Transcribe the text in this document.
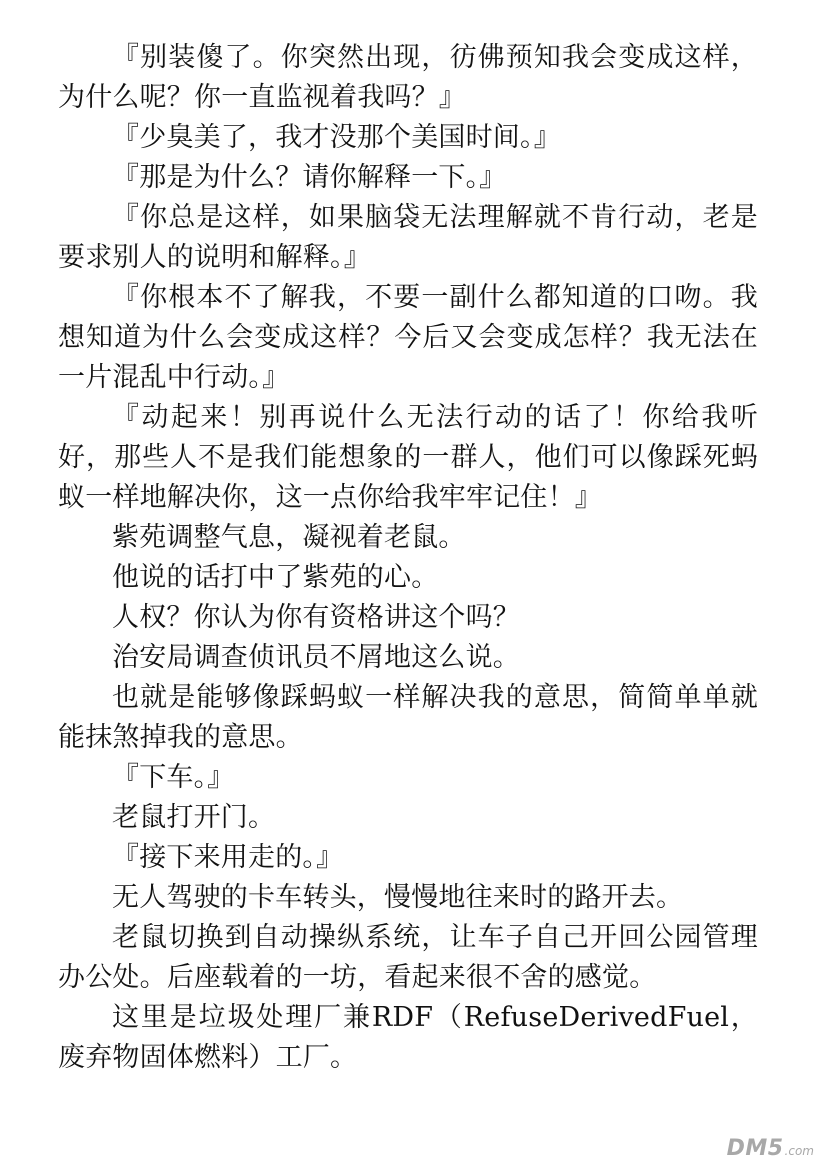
『别装傻了。你突然出现，彷佛预知我会变成这样，为什么呢？你一直监视着我吗？』

『少臭美了，我才没那个美国时间。』

『那是为什么？请你解释一下。』

『你总是这样，如果脑袋无法理解就不肯行动，老是要求别人的说明和解释。』

『你根本不了解我，不要一副什么都知道的口吻。我想知道为什么会变成这样？今后又会变成怎样？我无法在一片混乱中行动。』

『动起来！别再说什么无法行动的话了！你给我听好，那些人不是我们能想象的一群人，他们可以像踩死蚂蚁一样地解决你，这一点你给我牢牢记住！』

紫苑调整气息，凝视着老鼠。

他说的话打中了紫苑的心。

人权？你认为你有资格讲这个吗？

治安局调查侦讯员不屑地这么说。

也就是能够像踩蚂蚁一样解决我的意思，简简单单就能抹煞掉我的意思。

『下车。』

老鼠打开门。

『接下来用走的。』

无人驾驶的卡车转头，慢慢地往来时的路开去。

老鼠切换到自动操纵系统，让车子自己开回公园管理办公处。后座载着的一坊，看起来很不舍的感觉。

这里是垃圾处理厂兼RDF（RefuseDerivedFuel，废弃物固体燃料）工厂。

DM5 .com
